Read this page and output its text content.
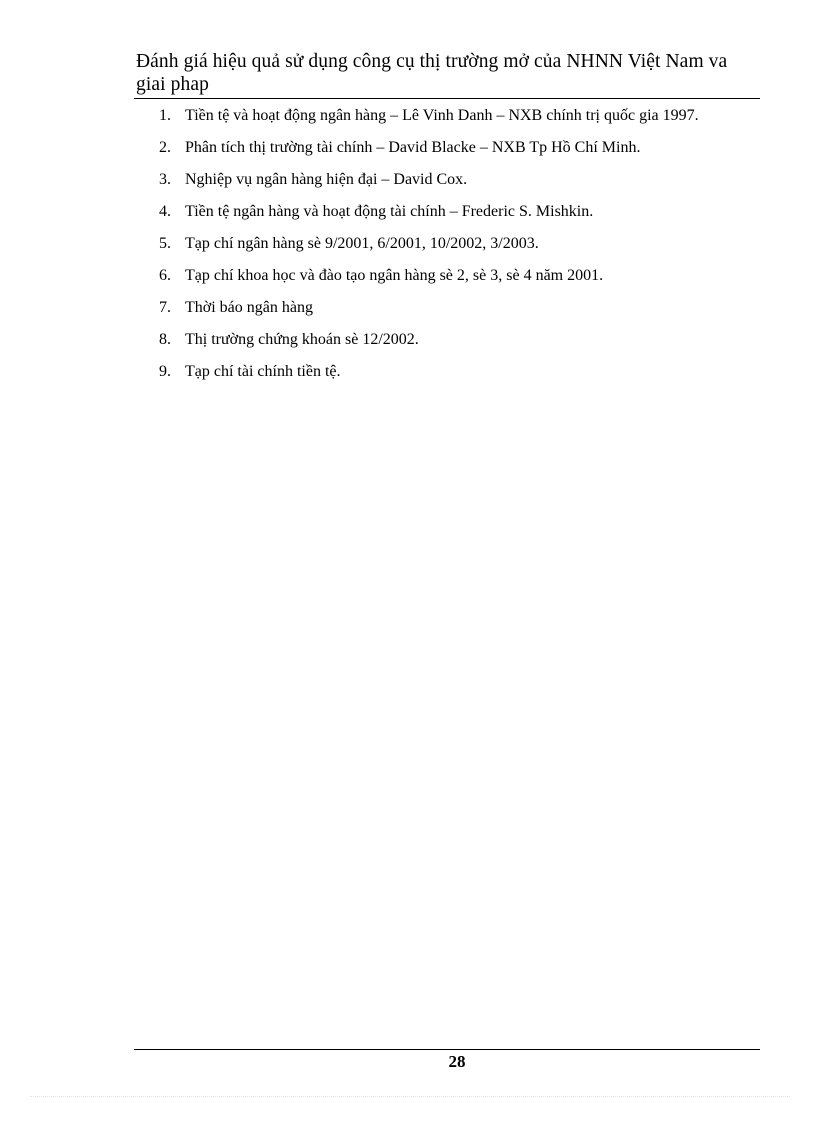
Đánh giá hiệu quả sử dụng công cụ thị trường mở của NHNN Việt Nam va giai phap
1. Tiền tệ và hoạt động ngân hàng – Lê Vinh Danh – NXB chính trị quốc gia 1997.
2. Phân tích thị trường tài chính – David Blacke – NXB Tp Hồ Chí Minh.
3. Nghiệp vụ ngân hàng hiện đại – David Cox.
4. Tiền tệ ngân hàng và hoạt động tài chính – Frederic S. Mishkin.
5. Tạp chí ngân hàng sè 9/2001, 6/2001, 10/2002, 3/2003.
6. Tạp chí khoa học và đào tạo ngân hàng sè 2, sè 3, sè 4 năm 2001.
7. Thời báo ngân hàng
8. Thị trường chứng khoán sè 12/2002.
9. Tạp chí tài chính tiền tệ.
28
